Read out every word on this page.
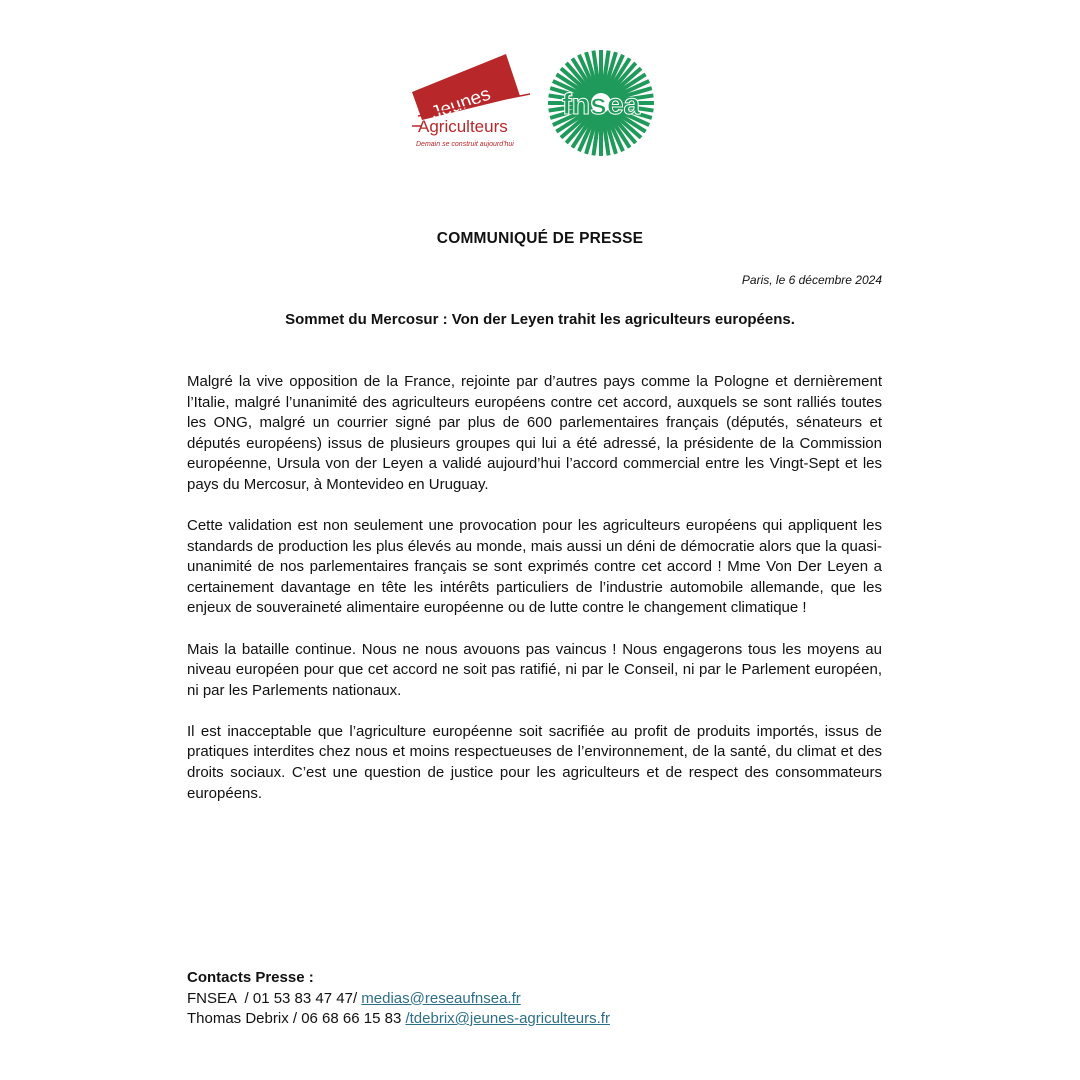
Jeunes
Agriculteurs
Demain se construit aujourd'hui
fnsea
COMMUNIQUÉ DE PRESSE
Paris, le 6 décembre 2024
Sommet du Mercosur : Von der Leyen trahit les agriculteurs européens.

Malgré la vive opposition de la France, rejointe par d’autres pays comme la Pologne et dernièrement l’Italie, malgré l’unanimité des agriculteurs européens contre cet accord, auxquels se sont ralliés toutes les ONG, malgré un courrier signé par plus de 600 parlementaires français (députés, sénateurs et députés européens) issus de plusieurs groupes qui lui a été adressé, la présidente de la Commission européenne, Ursula von der Leyen a validé aujourd’hui l’accord commercial entre les Vingt-Sept et les pays du Mercosur, à Montevideo en Uruguay.

Cette validation est non seulement une provocation pour les agriculteurs européens qui appliquent les standards de production les plus élevés au monde, mais aussi un déni de démocratie alors que la quasi-unanimité de nos parlementaires français se sont exprimés contre cet accord ! Mme Von Der Leyen a certainement davantage en tête les intérêts particuliers de l’industrie automobile allemande, que les enjeux de souveraineté alimentaire européenne ou de lutte contre le changement climatique !

Mais la bataille continue. Nous ne nous avouons pas vaincus ! Nous engagerons tous les moyens au niveau européen pour que cet accord ne soit pas ratifié, ni par le Conseil, ni par le Parlement européen, ni par les Parlements nationaux.

Il est inacceptable que l’agriculture européenne soit sacrifiée au profit de produits importés, issus de pratiques interdites chez nous et moins respectueuses de l’environnement, de la santé, du climat et des droits sociaux. C’est une question de justice pour les agriculteurs et de respect des consommateurs européens.

Contacts Presse :
FNSEA  / 01 53 83 47 47/ medias@reseaufnsea.fr
Thomas Debrix / 06 68 66 15 83 /tdebrix@jeunes-agriculteurs.fr
